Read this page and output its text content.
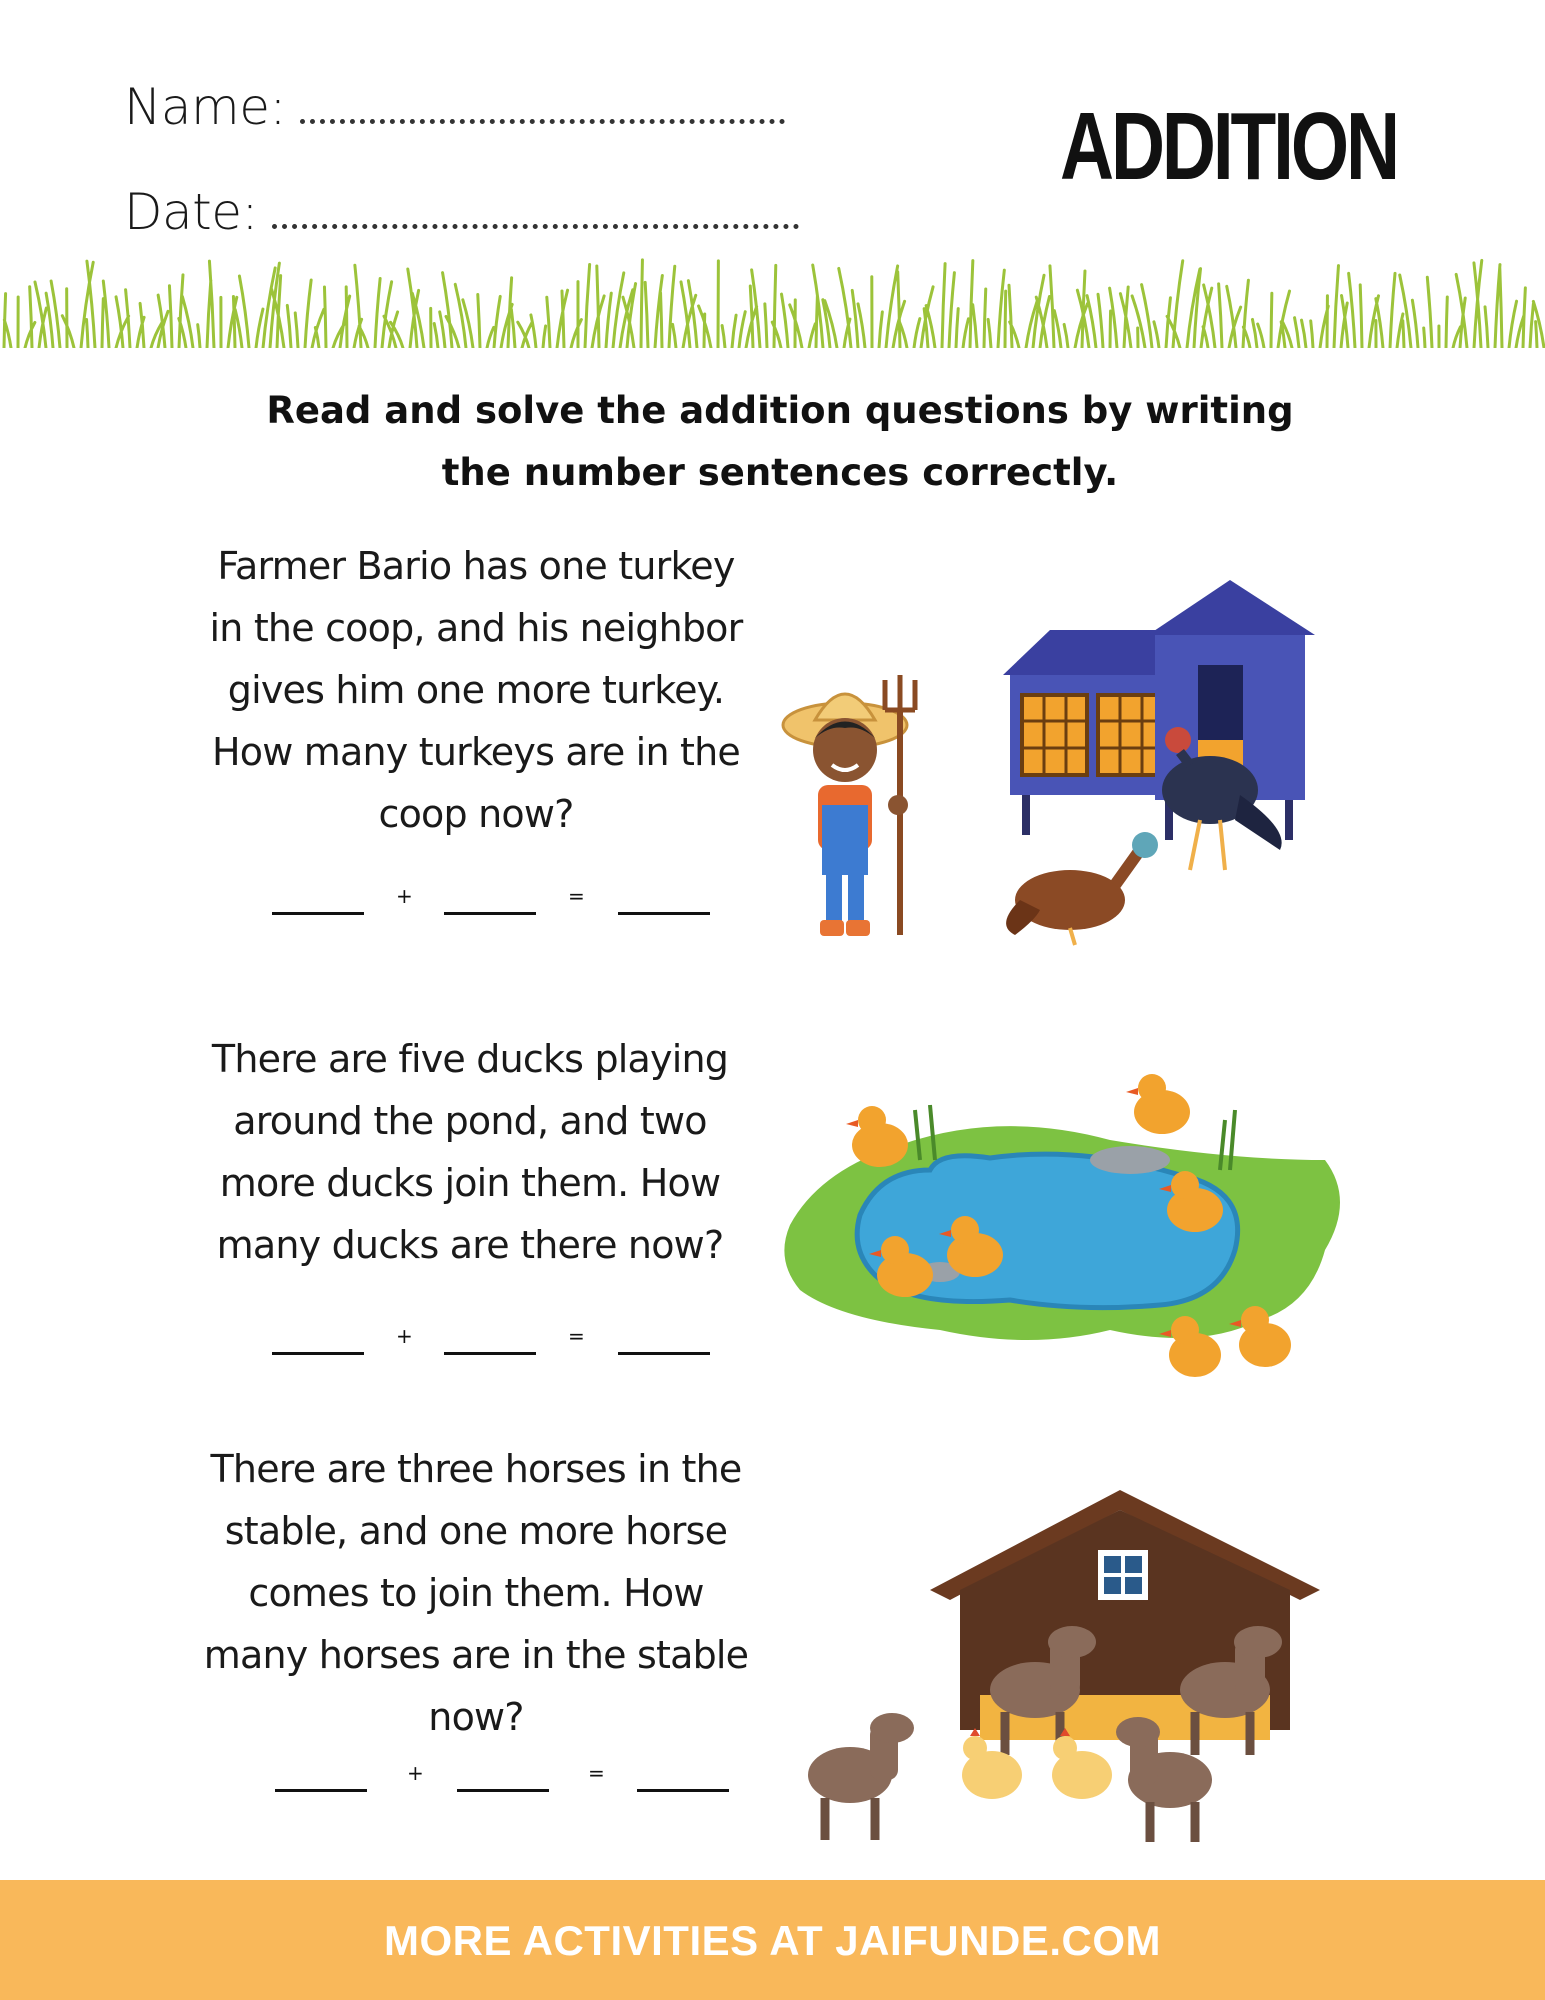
Name:
Date:
ADDITION
Read and solve the addition questions by writing the number sentences correctly.
Farmer Bario has one turkey in the coop, and his neighbor gives him one more turkey. How many turkeys are in the coop now?
+	=
There are five ducks playing around the pond, and two more ducks join them. How many ducks are there now?
+	=
There are three horses in the stable, and one more horse comes to join them. How many horses are in the stable now?
+	=
MORE ACTIVITIES AT JAIFUNDE.COM
